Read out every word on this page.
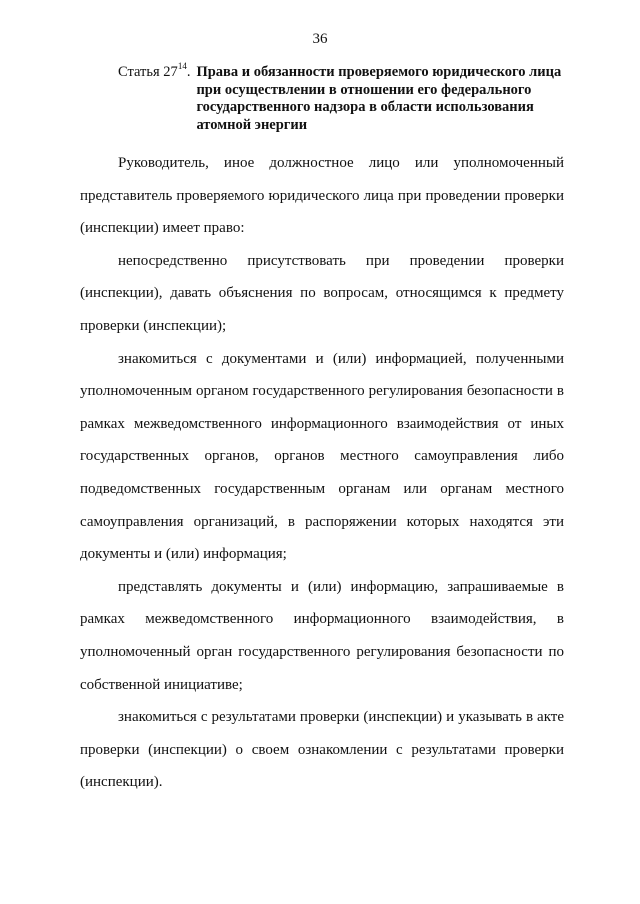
36
Статья $27^{14}$. Права и обязанности проверяемого юридического лица при осуществлении в отношении его федерального государственного надзора в области использования атомной энергии

Руководитель, иное должностное лицо или уполномоченный представитель проверяемого юридического лица при проведении проверки (инспекции) имеет право:

непосредственно присутствовать при проведении проверки (инспекции), давать объяснения по вопросам, относящимся к предмету проверки (инспекции);

знакомиться с документами и (или) информацией, полученными уполномоченным органом государственного регулирования безопасности в рамках межведомственного информационного взаимодействия от иных государственных органов, органов местного самоуправления либо подведомственных государственным органам или органам местного самоуправления организаций, в распоряжении которых находятся эти документы и (или) информация;

представлять документы и (или) информацию, запрашиваемые в рамках межведомственного информационного взаимодействия, в уполномоченный орган государственного регулирования безопасности по собственной инициативе;

знакомиться с результатами проверки (инспекции) и указывать в акте проверки (инспекции) о своем ознакомлении с результатами проверки (инспекции).
